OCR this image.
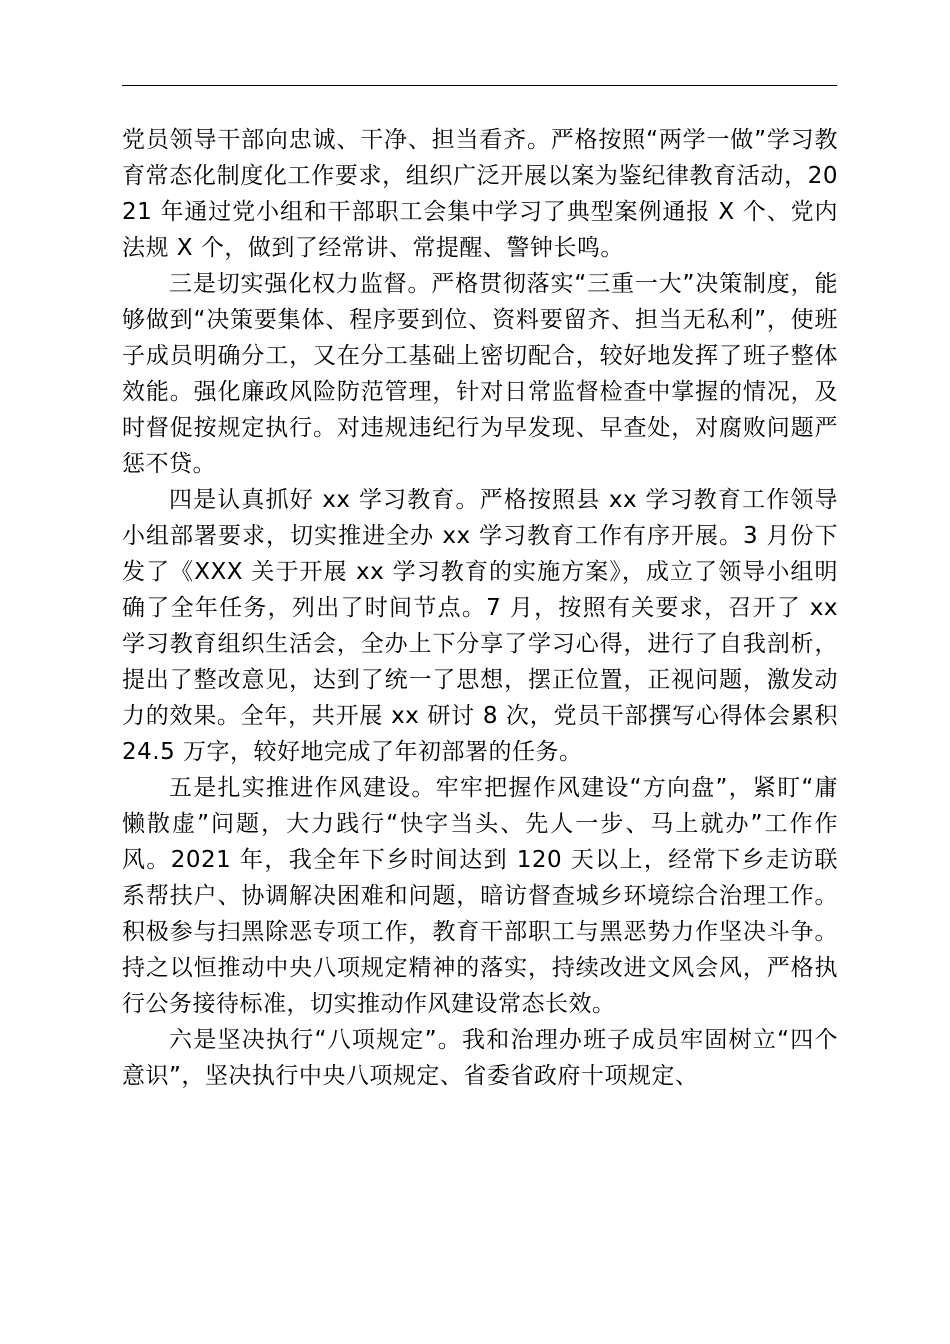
党员领导干部向忠诚、干净、担当看齐。严格按照“两学一做”学习教育常态化制度化工作要求，组织广泛开展以案为鉴纪律教育活动，2021 年通过党小组和干部职工会集中学习了典型案例通报 X 个、党内法规 X 个，做到了经常讲、常提醒、警钟长鸣。

三是切实强化权力监督。严格贯彻落实“三重一大”决策制度，能够做到“决策要集体、程序要到位、资料要留齐、担当无私利”，使班子成员明确分工，又在分工基础上密切配合，较好地发挥了班子整体效能。强化廉政风险防范管理，针对日常监督检查中掌握的情况，及时督促按规定执行。对违规违纪行为早发现、早查处，对腐败问题严惩不贷。

四是认真抓好 xx 学习教育。严格按照县 xx 学习教育工作领导小组部署要求，切实推进全办 xx 学习教育工作有序开展。3 月份下发了《XXX 关于开展 xx 学习教育的实施方案》，成立了领导小组明确了全年任务，列出了时间节点。7 月，按照有关要求，召开了 xx 学习教育组织生活会，全办上下分享了学习心得，进行了自我剖析，提出了整改意见，达到了统一了思想，摆正位置，正视问题，激发动力的效果。全年，共开展 xx 研讨 8 次，党员干部撰写心得体会累积 24.5 万字，较好地完成了年初部署的任务。

五是扎实推进作风建设。牢牢把握作风建设“方向盘”，紧盯“庸懒散虚”问题，大力践行“快字当头、先人一步、马上就办”工作作风。2021 年，我全年下乡时间达到 120 天以上，经常下乡走访联系帮扶户、协调解决困难和问题，暗访督查城乡环境综合治理工作。积极参与扫黑除恶专项工作，教育干部职工与黑恶势力作坚决斗争。持之以恒推动中央八项规定精神的落实，持续改进文风会风，严格执行公务接待标准，切实推动作风建设常态长效。

六是坚决执行“八项规定”。我和治理办班子成员牢固树立“四个意识”，坚决执行中央八项规定、省委省政府十项规定、
